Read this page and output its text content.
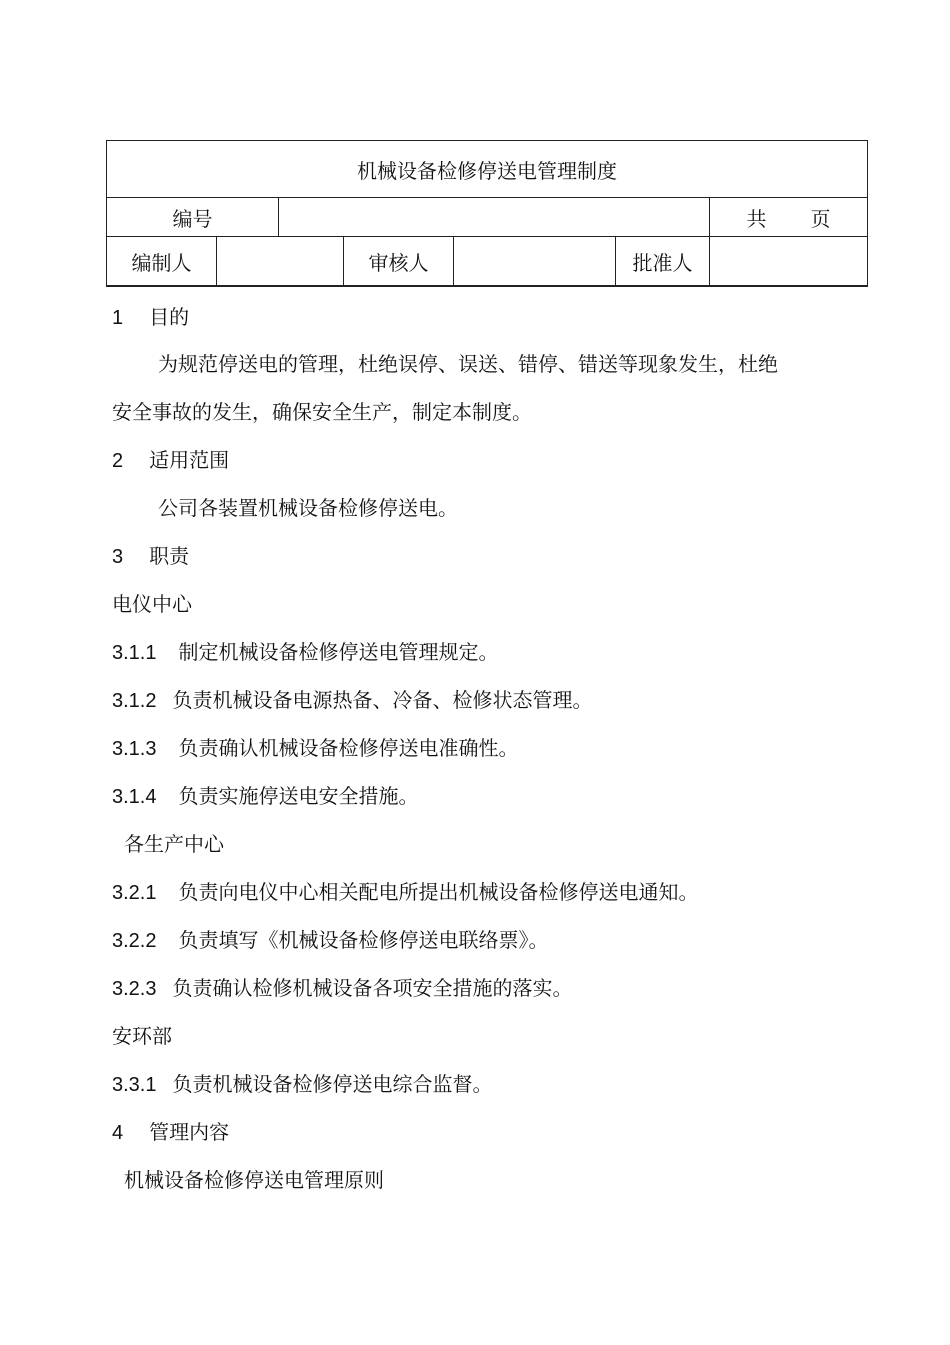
机械设备检修停送电管理制度						
编号						共 页
编制人			审核人		批准人	
1 目的
为规范停送电的管理，杜绝误停、误送、错停、错送等现象发生，杜绝
安全事故的发生，确保安全生产，制定本制度。
2 适用范围
公司各装置机械设备检修停送电。
3 职责
电仪中心
3.1.1 制定机械设备检修停送电管理规定。
3.1.2 负责机械设备电源热备、冷备、检修状态管理。
3.1.3 负责确认机械设备检修停送电准确性。
3.1.4 负责实施停送电安全措施。
各生产中心
3.2.1 负责向电仪中心相关配电所提出机械设备检修停送电通知。
3.2.2 负责填写《机械设备检修停送电联络票》。
3.2.3 负责确认检修机械设备各项安全措施的落实。
安环部
3.3.1 负责机械设备检修停送电综合监督。
4 管理内容
机械设备检修停送电管理原则
